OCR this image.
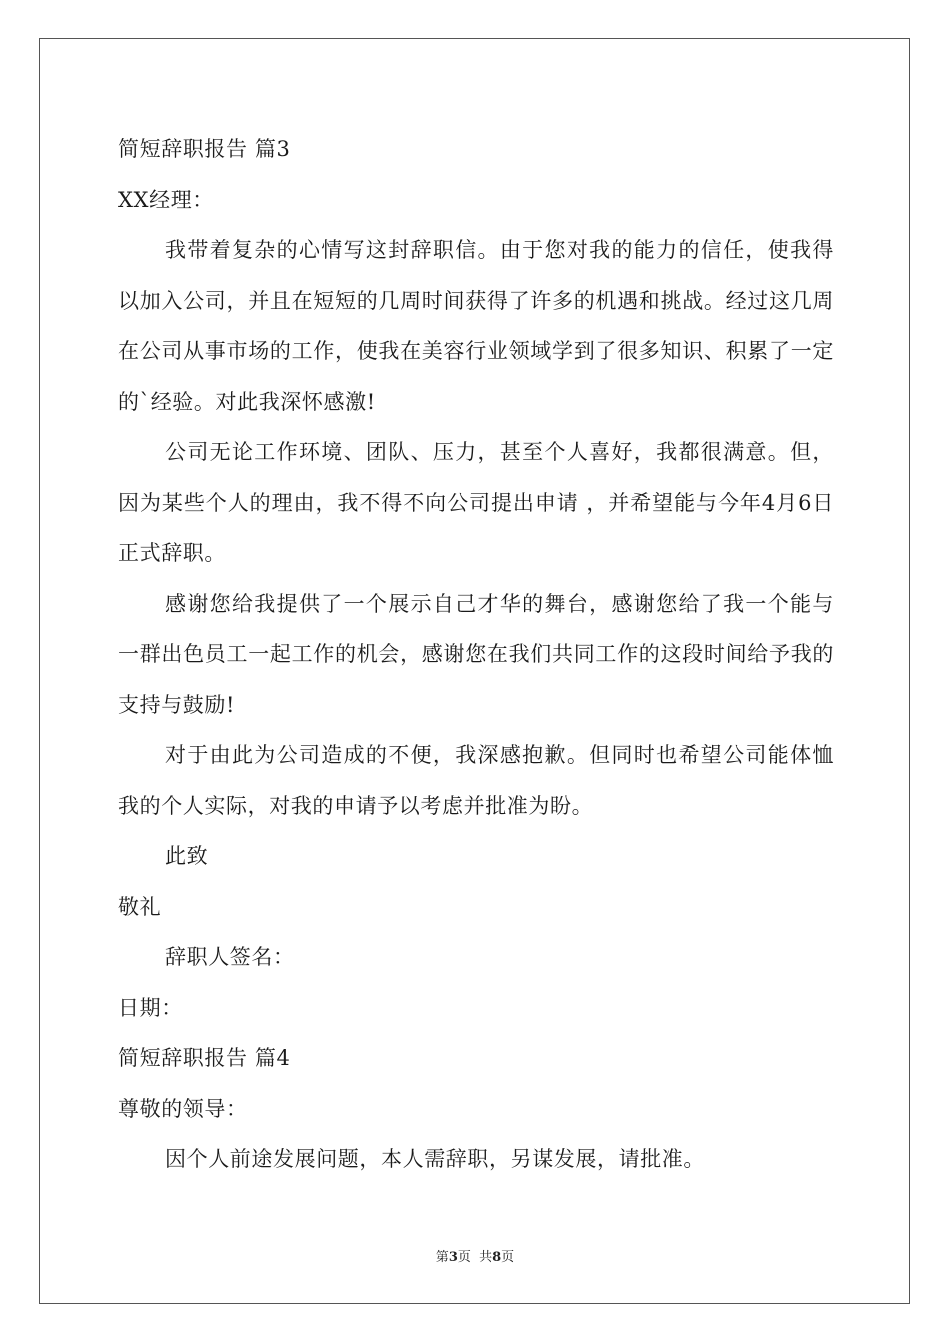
简短辞职报告 篇3
XX经理：
我带着复杂的心情写这封辞职信。由于您对我的能力的信任，使我得以加入公司，并且在短短的几周时间获得了许多的机遇和挑战。经过这几周在公司从事市场的工作，使我在美容行业领域学到了很多知识、积累了一定的`经验。对此我深怀感激!
公司无论工作环境、团队、压力，甚至个人喜好，我都很满意。但，因为某些个人的理由，我不得不向公司提出申请 ，并希望能与今年4月6日正式辞职。
感谢您给我提供了一个展示自己才华的舞台，感谢您给了我一个能与一群出色员工一起工作的机会，感谢您在我们共同工作的这段时间给予我的支持与鼓励!
对于由此为公司造成的不便，我深感抱歉。但同时也希望公司能体恤我的个人实际，对我的申请予以考虑并批准为盼。
此致
敬礼
辞职人签名：
日期：
简短辞职报告 篇4
尊敬的领导：
因个人前途发展问题，本人需辞职，另谋发展，请批准。
第3页  共8页
